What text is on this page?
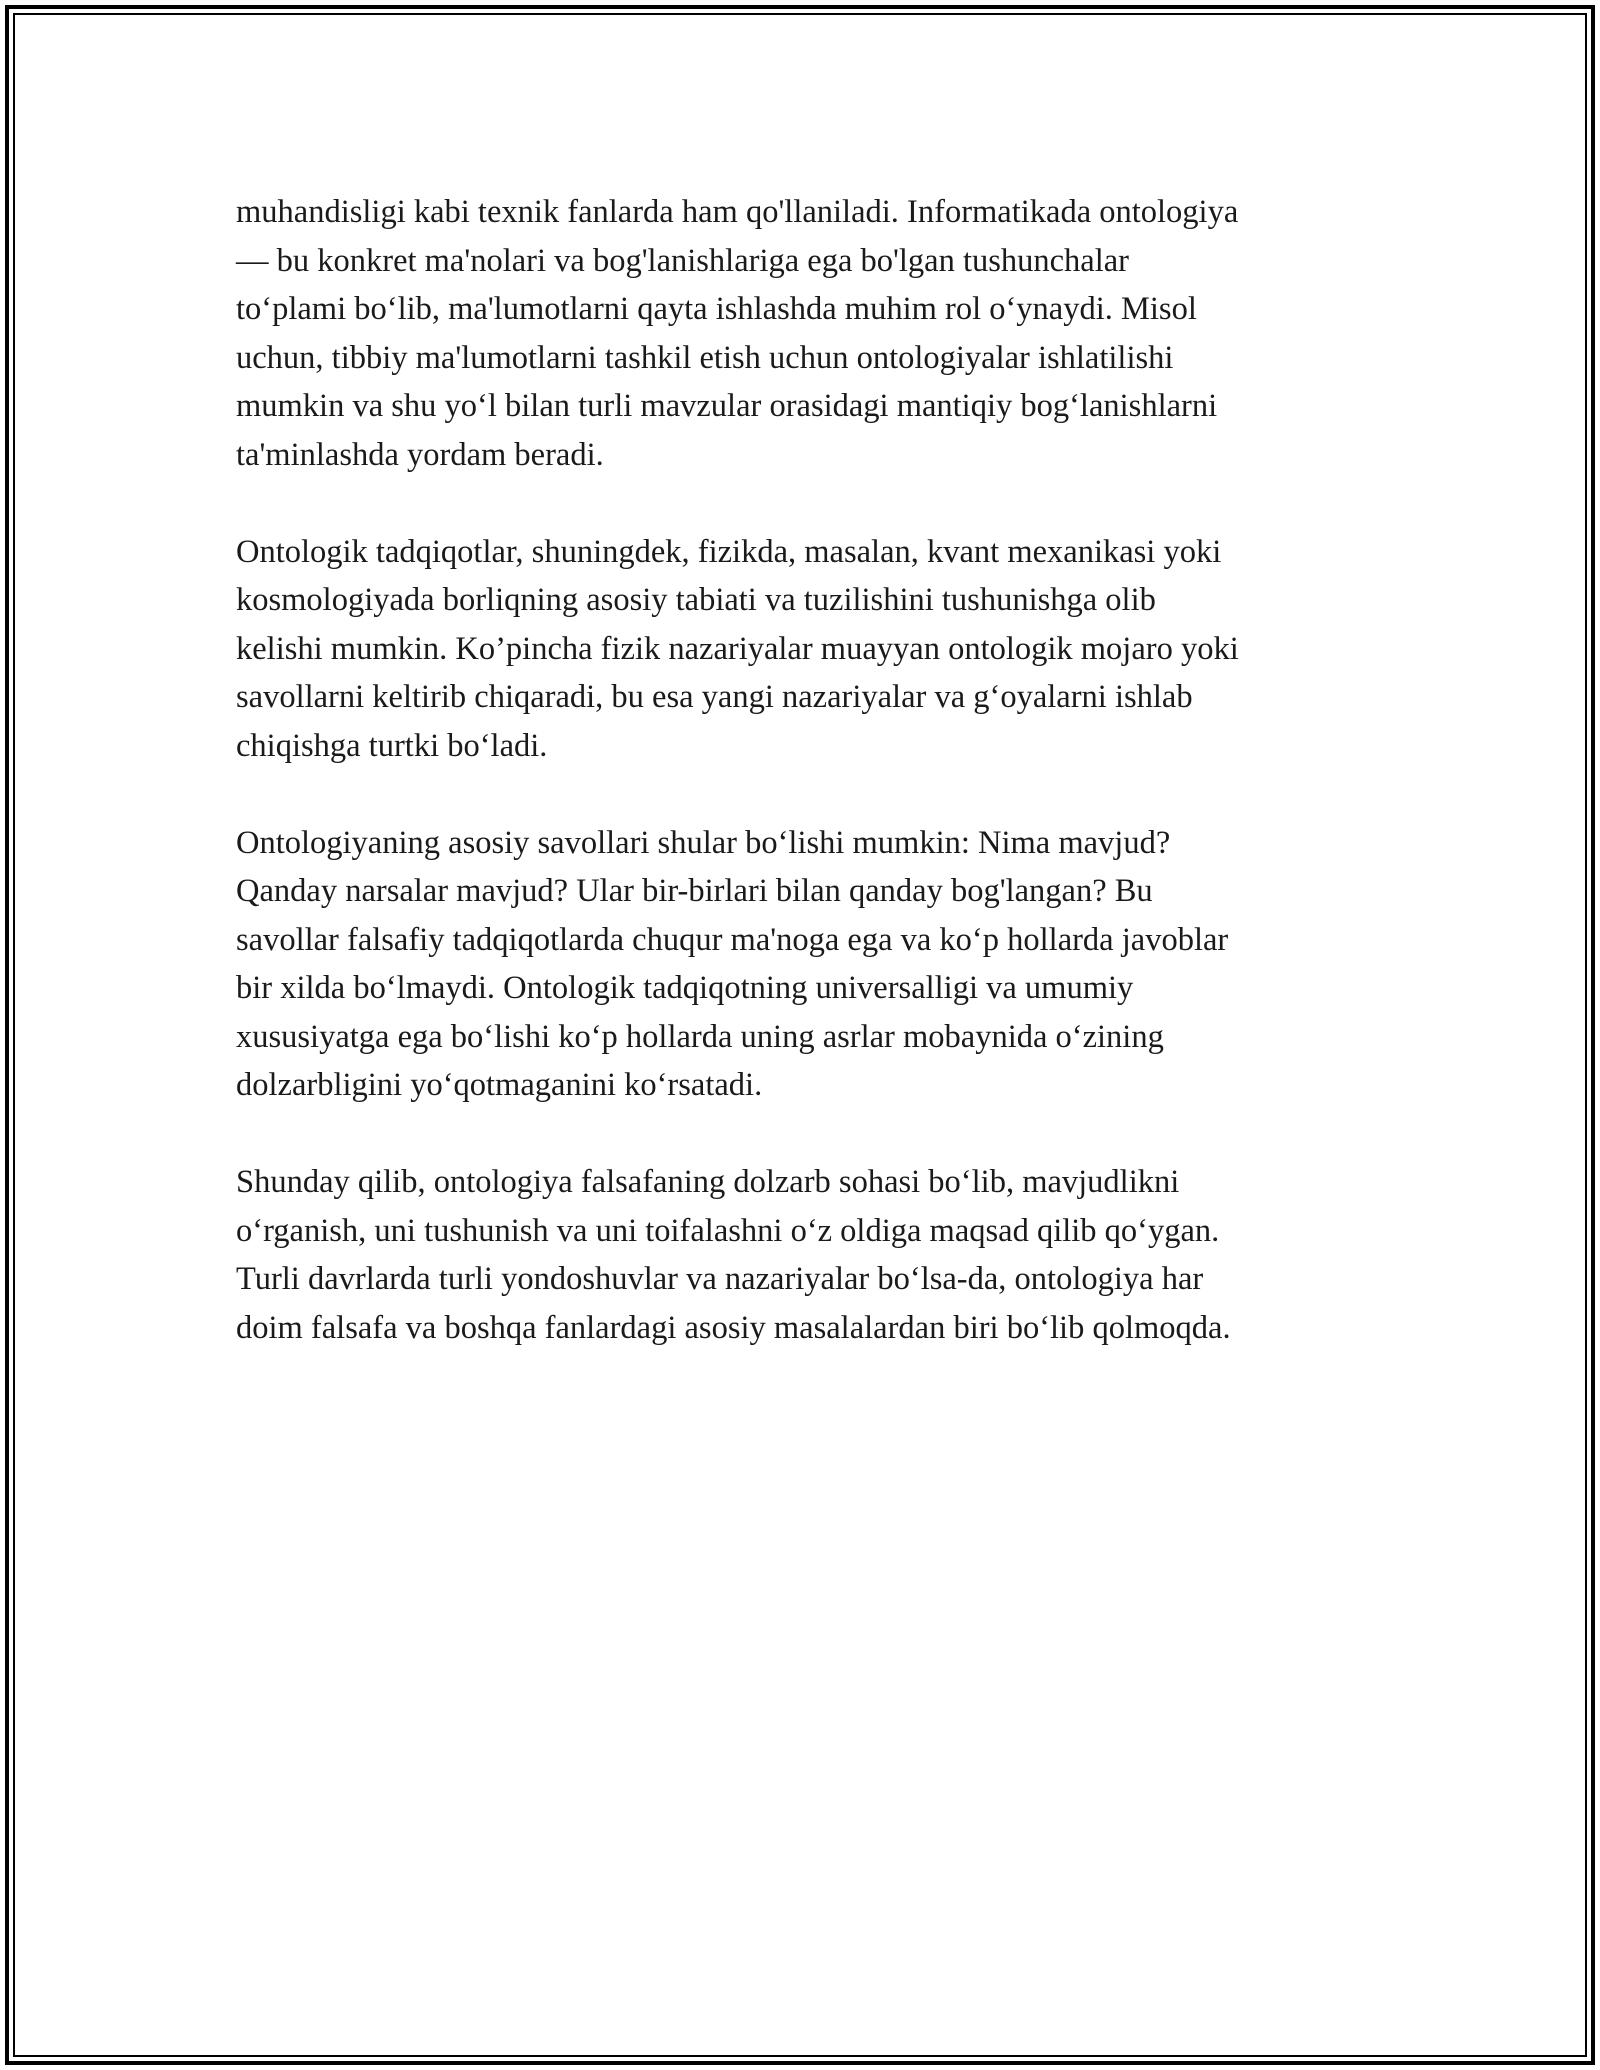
muhandisligi kabi texnik fanlarda ham qo'llaniladi. Informatikada ontologiya
— bu konkret ma'nolari va bog'lanishlariga ega bo'lgan tushunchalar
to‘plami bo‘lib, ma'lumotlarni qayta ishlashda muhim rol o‘ynaydi. Misol
uchun, tibbiy ma'lumotlarni tashkil etish uchun ontologiyalar ishlatilishi
mumkin va shu yo‘l bilan turli mavzular orasidagi mantiqiy bog‘lanishlarni
ta'minlashda yordam beradi.

Ontologik tadqiqotlar, shuningdek, fizikda, masalan, kvant mexanikasi yoki
kosmologiyada borliqning asosiy tabiati va tuzilishini tushunishga olib
kelishi mumkin. Ko’pincha fizik nazariyalar muayyan ontologik mojaro yoki
savollarni keltirib chiqaradi, bu esa yangi nazariyalar va g‘oyalarni ishlab
chiqishga turtki bo‘ladi.

Ontologiyaning asosiy savollari shular bo‘lishi mumkin: Nima mavjud?
Qanday narsalar mavjud? Ular bir-birlari bilan qanday bog'langan? Bu
savollar falsafiy tadqiqotlarda chuqur ma'noga ega va ko‘p hollarda javoblar
bir xilda bo‘lmaydi. Ontologik tadqiqotning universalligi va umumiy
xususiyatga ega bo‘lishi ko‘p hollarda uning asrlar mobaynida o‘zining
dolzarbligini yo‘qotmaganini ko‘rsatadi.

Shunday qilib, ontologiya falsafaning dolzarb sohasi bo‘lib, mavjudlikni
o‘rganish, uni tushunish va uni toifalashni o‘z oldiga maqsad qilib qo‘ygan.
Turli davrlarda turli yondoshuvlar va nazariyalar bo‘lsa-da, ontologiya har
doim falsafa va boshqa fanlardagi asosiy masalalardan biri bo‘lib qolmoqda.
